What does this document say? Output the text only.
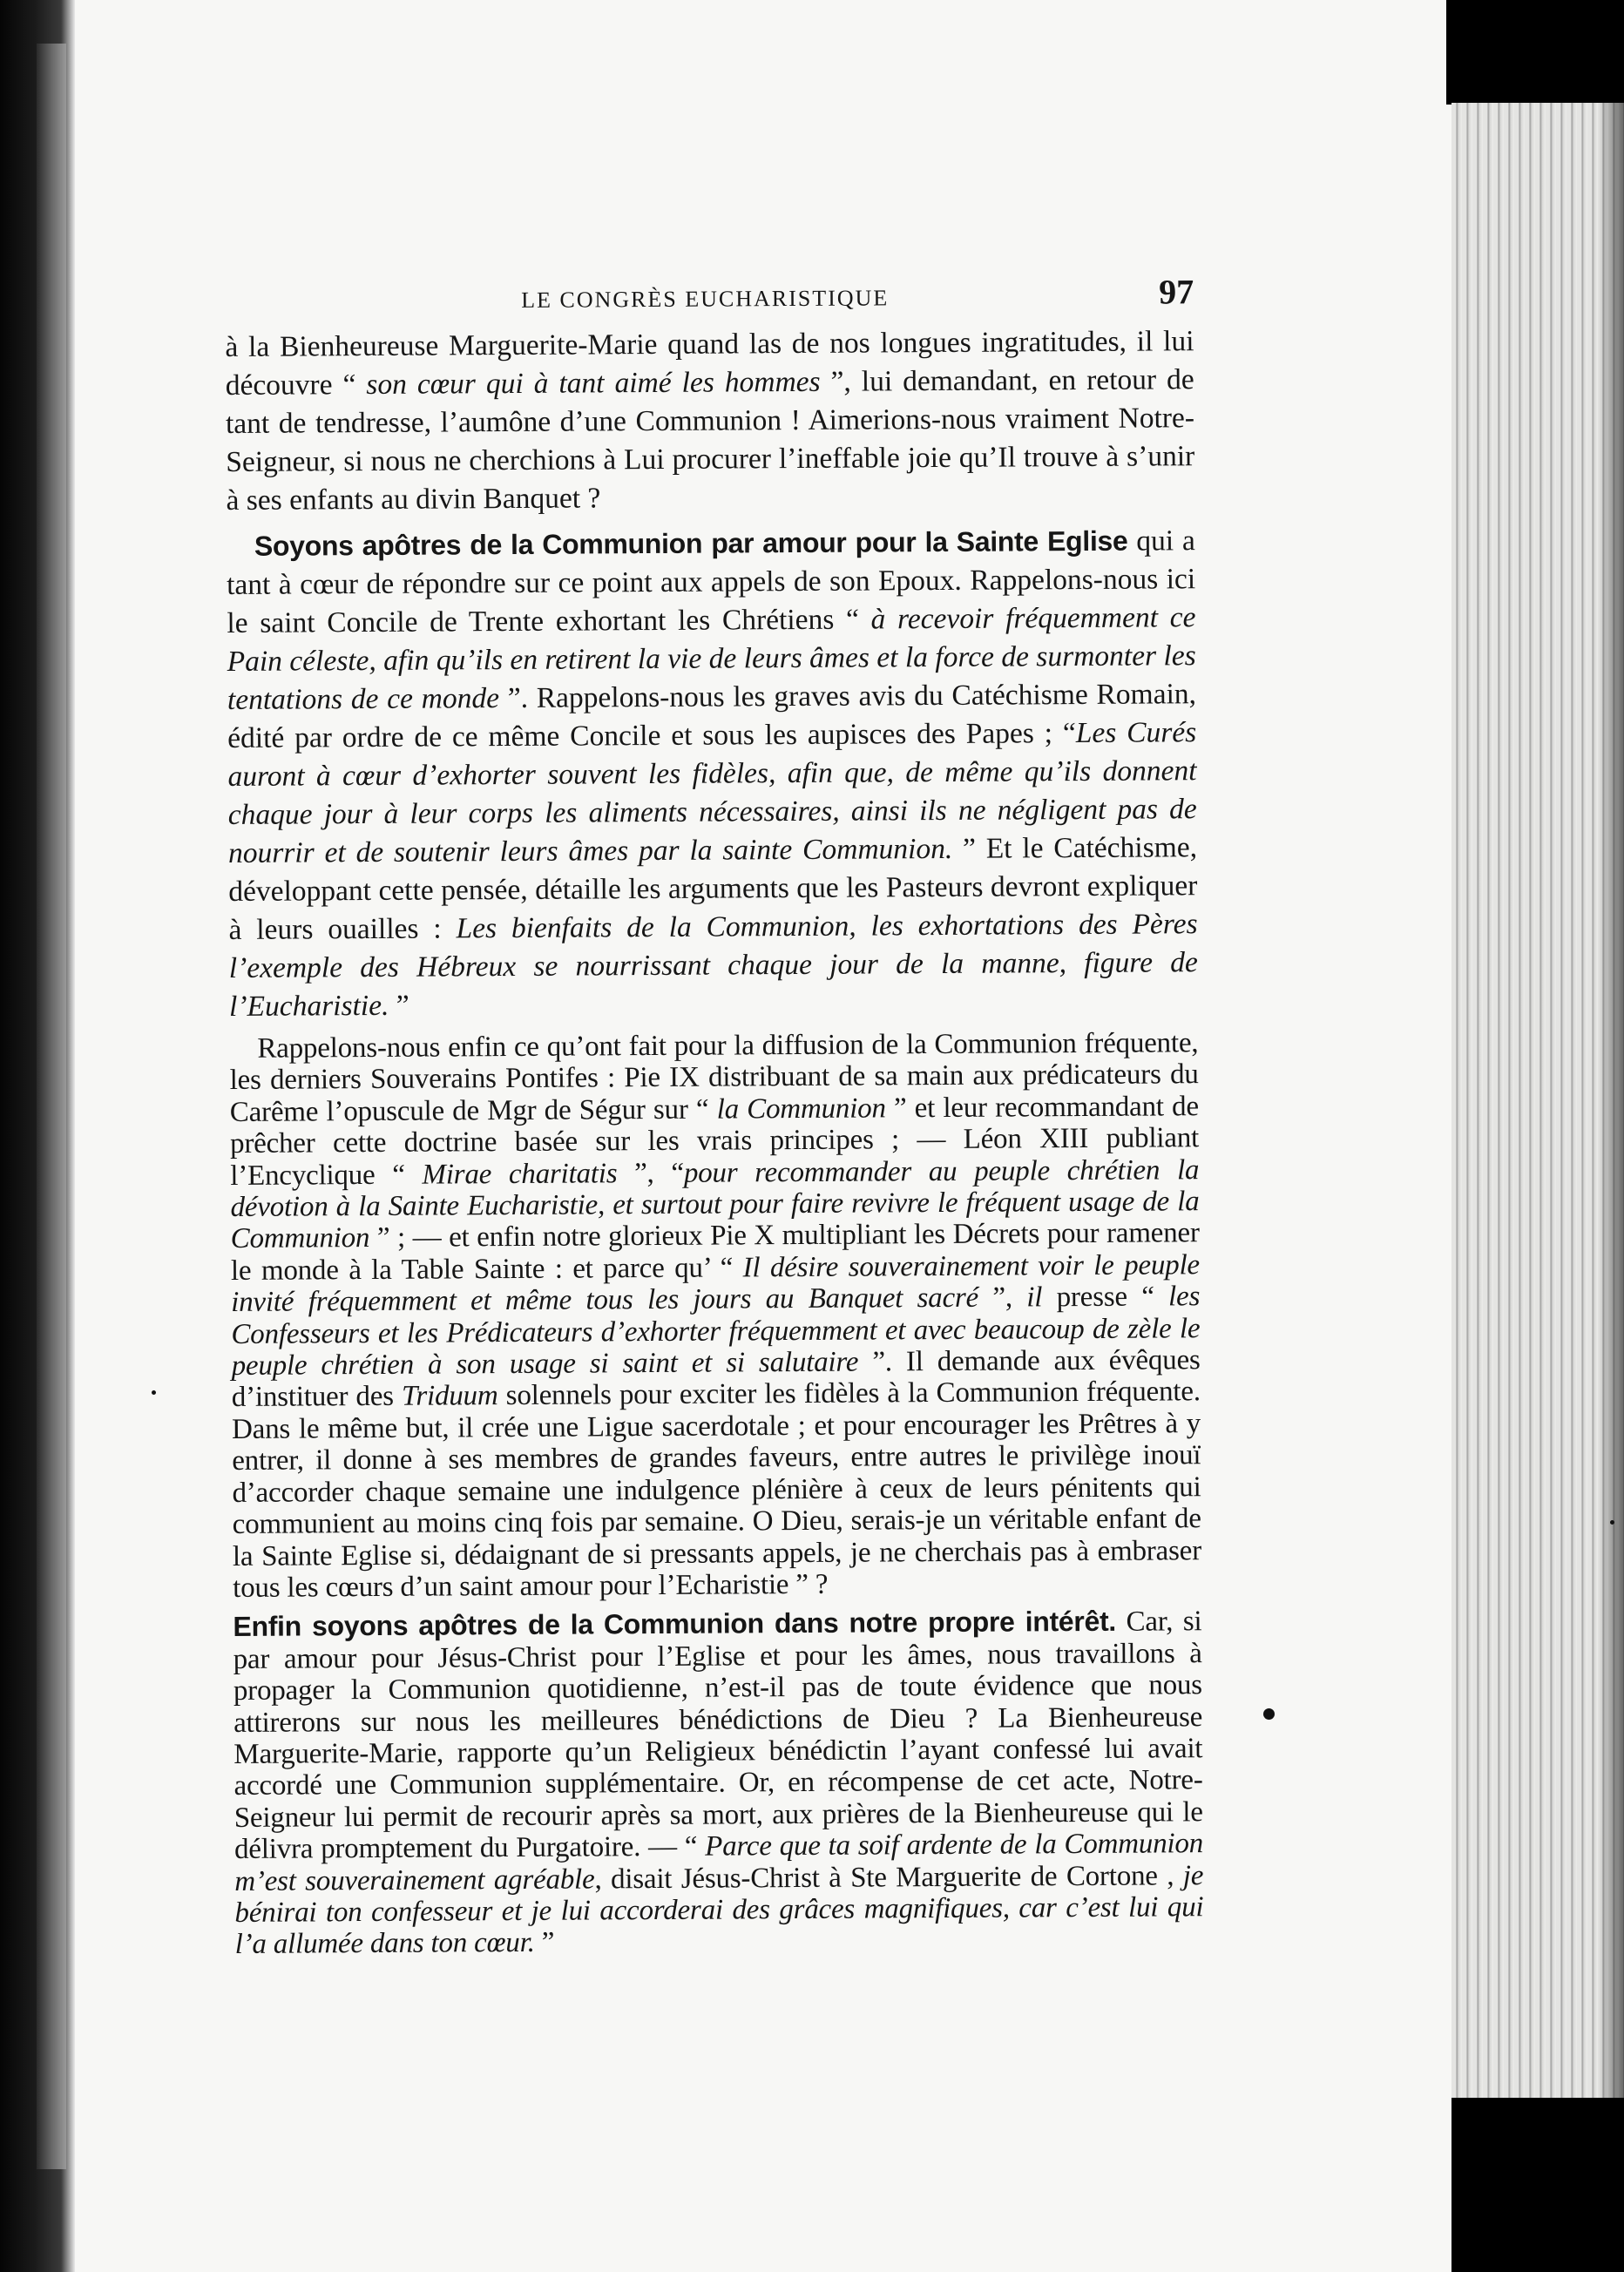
LE CONGRÈS EUCHARISTIQUE	97

à la Bienheureuse Marguerite-Marie quand las de nos longues ingratitudes, il lui découvre “ son cœur qui à tant aimé les hommes ”, lui demandant, en retour de tant de tendresse, l’aumône d’une Communion ! Aimerions-nous vraiment Notre-Seigneur, si nous ne cherchions à Lui procurer l’ineffable joie qu’Il trouve à s’unir à ses enfants au divin Banquet ?

Soyons apôtres de la Communion par amour pour la Sainte Eglise qui a tant à cœur de répondre sur ce point aux appels de son Epoux. Rappelons-nous ici le saint Concile de Trente exhortant les Chrétiens “ à recevoir fréquemment ce Pain céleste, afin qu’ils en retirent la vie de leurs âmes et la force de surmonter les tentations de ce monde ”. Rappelons-nous les graves avis du Catéchisme Romain, édité par ordre de ce même Concile et sous les aupisces des Papes ; “Les Curés auront à cœur d’exhorter souvent les fidèles, afin que, de même qu’ils donnent chaque jour à leur corps les aliments nécessaires, ainsi ils ne négligent pas de nourrir et de soutenir leurs âmes par la sainte Communion. ” Et le Catéchisme, développant cette pensée, détaille les arguments que les Pasteurs devront expliquer à leurs ouailles : Les bienfaits de la Communion, les exhortations des Pères l’exemple des Hébreux se nourrissant chaque jour de la manne, figure de l’Eucharistie. ”

Rappelons-nous enfin ce qu’ont fait pour la diffusion de la Communion fréquente, les derniers Souverains Pontifes : Pie IX distribuant de sa main aux prédicateurs du Carême l’opuscule de Mgr de Ségur sur “ la Communion ” et leur recommandant de prêcher cette doctrine basée sur les vrais principes ; — Léon XIII publiant l’Encyclique “ Mirae charitatis ”, “pour recommander au peuple chrétien la dévotion à la Sainte Eucharistie, et surtout pour faire revivre le fréquent usage de la Communion ” ; — et enfin notre glorieux Pie X multipliant les Décrets pour ramener le monde à la Table Sainte : et parce qu’ “ Il désire souverainement voir le peuple invité fréquemment et même tous les jours au Banquet sacré ”, il presse “ les Confesseurs et les Prédicateurs d’exhorter fréquemment et avec beaucoup de zèle le peuple chrétien à son usage si saint et si salutaire ”. Il demande aux évêques d’instituer des Triduum solennels pour exciter les fidèles à la Communion fréquente. Dans le même but, il crée une Ligue sacerdotale ; et pour encourager les Prêtres à y entrer, il donne à ses membres de grandes faveurs, entre autres le privilège inouï d’accorder chaque semaine une indulgence plénière à ceux de leurs pénitents qui communient au moins cinq fois par semaine. O Dieu, serais-je un véritable enfant de la Sainte Eglise si, dédaignant de si pressants appels, je ne cherchais pas à embraser tous les cœurs d’un saint amour pour l’Echaristie ” ?

Enfin soyons apôtres de la Communion dans notre propre intérêt. Car, si par amour pour Jésus-Christ pour l’Eglise et pour les âmes, nous travaillons à propager la Communion quotidienne, n’est-il pas de toute évidence que nous attirerons sur nous les meilleures bénédictions de Dieu ? La Bienheureuse Marguerite-Marie, rapporte qu’un Religieux bénédictin l’ayant confessé lui avait accordé une Communion supplémentaire. Or, en récompense de cet acte, Notre-Seigneur lui permit de recourir après sa mort, aux prières de la Bienheureuse qui le délivra promptement du Purgatoire. — “ Parce que ta soif ardente de la Communion m’est souverainement agréable, disait Jésus-Christ à Ste Marguerite de Cortone , je bénirai ton confesseur et je lui accorderai des grâces magnifiques, car c’est lui qui l’a allumée dans ton cœur. ”
